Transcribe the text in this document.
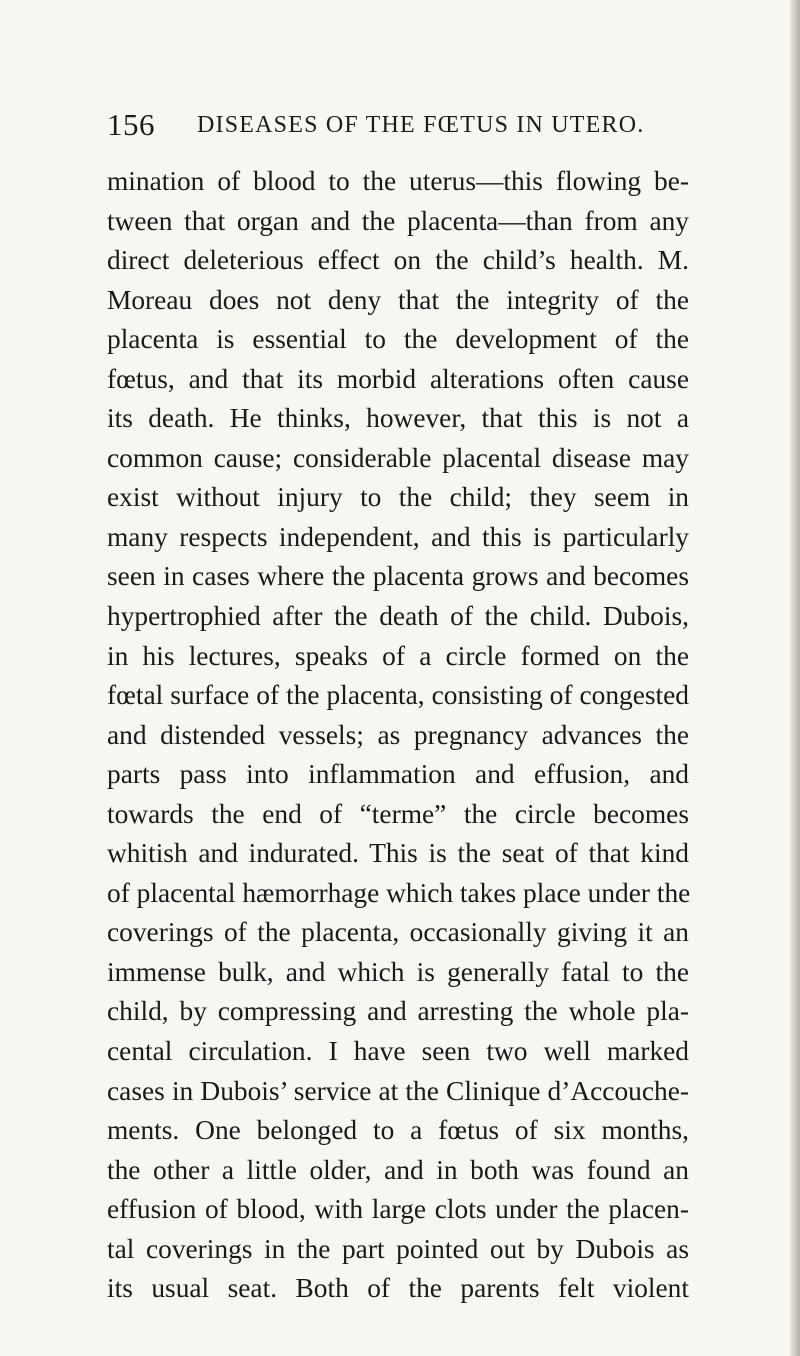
156 DISEASES OF THE FŒTUS IN UTERO.
mination of blood to the uterus—this flowing be-
tween that organ and the placenta—than from any
direct deleterious effect on the child’s health. M.
Moreau does not deny that the integrity of the
placenta is essential to the development of the
fœtus, and that its morbid alterations often cause
its death. He thinks, however, that this is not a
common cause; considerable placental disease may
exist without injury to the child; they seem in
many respects independent, and this is particularly
seen in cases where the placenta grows and becomes
hypertrophied after the death of the child. Dubois,
in his lectures, speaks of a circle formed on the
fœtal surface of the placenta, consisting of congested
and distended vessels; as pregnancy advances the
parts pass into inflammation and effusion, and
towards the end of “terme” the circle becomes
whitish and indurated. This is the seat of that kind
of placental hæmorrhage which takes place under the
coverings of the placenta, occasionally giving it an
immense bulk, and which is generally fatal to the
child, by compressing and arresting the whole pla-
cental circulation. I have seen two well marked
cases in Dubois’ service at the Clinique d’Accouche-
ments. One belonged to a fœtus of six months,
the other a little older, and in both was found an
effusion of blood, with large clots under the placen-
tal coverings in the part pointed out by Dubois as
its usual seat. Both of the parents felt violent
